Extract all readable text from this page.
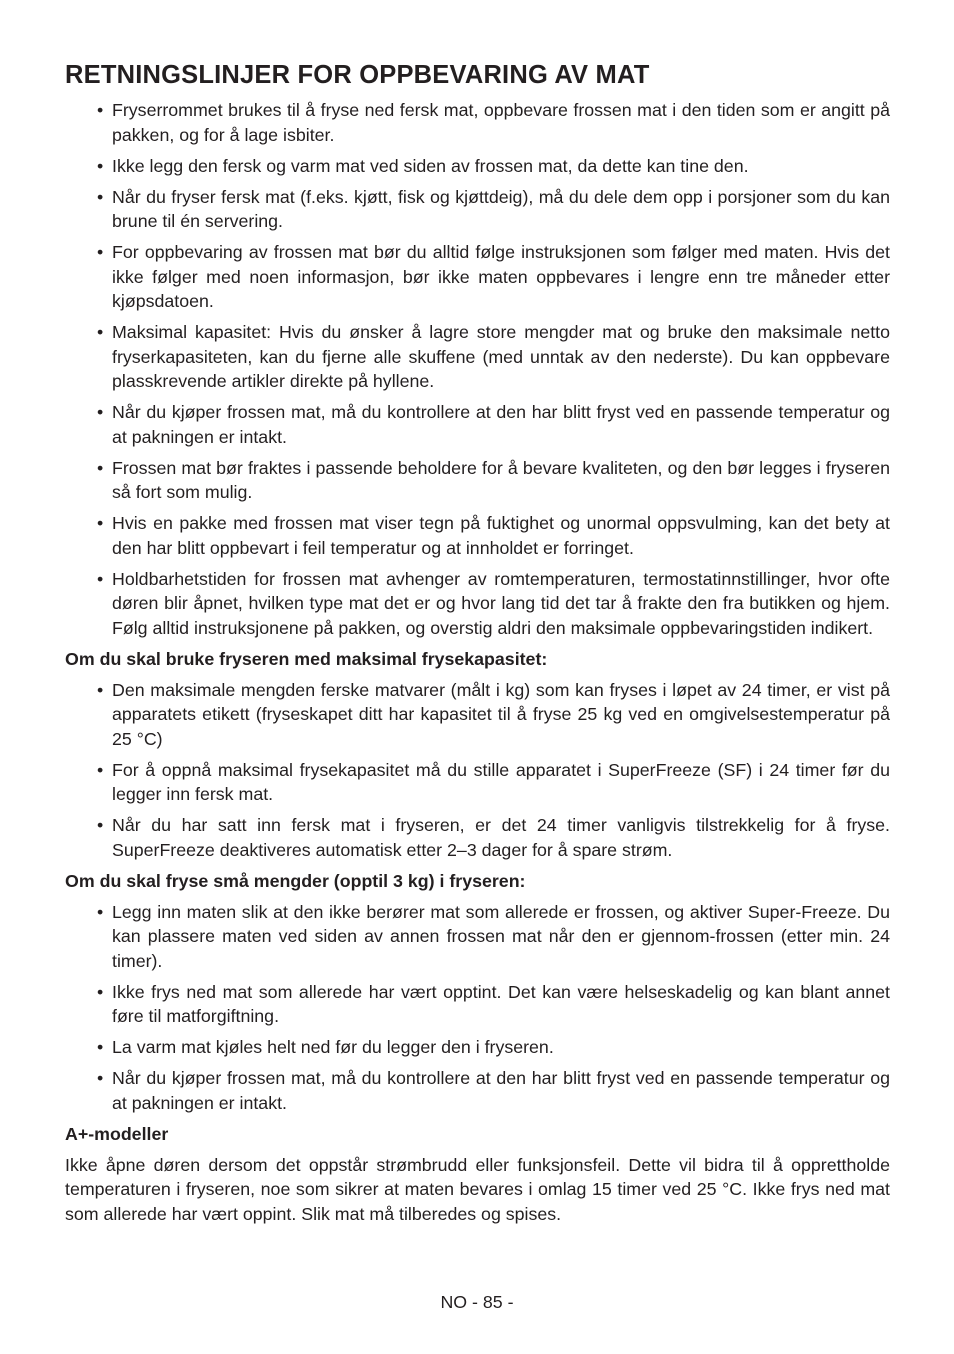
RETNINGSLINJER FOR OPPBEVARING AV MAT
• Fryserrommet brukes til å fryse ned fersk mat, oppbevare frossen mat i den tiden som er angitt på pakken, og for å lage isbiter.
• Ikke legg den fersk og varm mat ved siden av frossen mat, da dette kan tine den.
• Når du fryser fersk mat (f.eks. kjøtt, fisk og kjøttdeig), må du dele dem opp i porsjoner som du kan brune til én servering.
• For oppbevaring av frossen mat bør du alltid følge instruksjonen som følger med maten. Hvis det ikke følger med noen informasjon, bør ikke maten oppbevares i lengre enn tre måneder etter kjøpsdatoen.
• Maksimal kapasitet: Hvis du ønsker å lagre store mengder mat og bruke den maksimale netto fryserkapasiteten, kan du fjerne alle skuffene (med unntak av den nederste). Du kan oppbevare plasskrevende artikler direkte på hyllene.
• Når du kjøper frossen mat, må du kontrollere at den har blitt fryst ved en passende temperatur og at pakningen er intakt.
• Frossen mat bør fraktes i passende beholdere for å bevare kvaliteten, og den bør legges i fryseren så fort som mulig.
• Hvis en pakke med frossen mat viser tegn på fuktighet og unormal oppsvulming, kan det bety at den har blitt oppbevart i feil temperatur og at innholdet er forringet.
• Holdbarhetstiden for frossen mat avhenger av romtemperaturen, termostatinnstillinger, hvor ofte døren blir åpnet, hvilken type mat det er og hvor lang tid det tar å frakte den fra butikken og hjem. Følg alltid instruksjonene på pakken, og overstig aldri den maksimale oppbevaringstiden indikert.

Om du skal bruke fryseren med maksimal frysekapasitet:

• Den maksimale mengden ferske matvarer (målt i kg) som kan fryses i løpet av 24 timer, er vist på apparatets etikett (fryseskapet ditt har kapasitet til å fryse 25 kg ved en omgivelsestemperatur på 25 °C)
• For å oppnå maksimal frysekapasitet må du stille apparatet i SuperFreeze (SF) i 24 timer før du legger inn fersk mat.
• Når du har satt inn fersk mat i fryseren, er det 24 timer vanligvis tilstrekkelig for å fryse. SuperFreeze deaktiveres automatisk etter 2–3 dager for å spare strøm.

Om du skal fryse små mengder (opptil 3 kg) i fryseren:

• Legg inn maten slik at den ikke berører mat som allerede er frossen, og aktiver Super-Freeze. Du kan plassere maten ved siden av annen frossen mat når den er gjennom-frossen (etter min. 24 timer).
• Ikke frys ned mat som allerede har vært opptint. Det kan være helseskadelig og kan blant annet føre til matforgiftning.
• La varm mat kjøles helt ned før du legger den i fryseren.
• Når du kjøper frossen mat, må du kontrollere at den har blitt fryst ved en passende temperatur og at pakningen er intakt.

A+-modeller

Ikke åpne døren dersom det oppstår strømbrudd eller funksjonsfeil. Dette vil bidra til å opprettholde temperaturen i fryseren, noe som sikrer at maten bevares i omlag 15 timer ved 25 °C. Ikke frys ned mat som allerede har vært oppint. Slik mat må tilberedes og spises.

NO - 85 -
